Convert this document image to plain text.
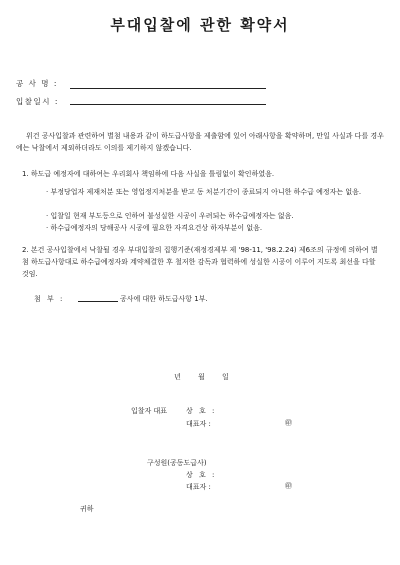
부대입찰에 관한 확약서
공 사 명 :
입찰일시 :
위건 공사입찰과 관련하여 별첨 내용과 같이 하도급사항을 제출함에 있어 아래사항을 확약하며, 만일 사실과 다를 경우에는 낙찰에서 제외하더라도 이의를 제기하지 않겠습니다.
1. 하도급 예정자에 대하여는 우리회사 책임하에 다음 사실을 틀림없이 확인하였음.
· 부정당업자 제재처분 또는 영업정지처분을 받고 동 처분기간이 종료되지 아니한 하수급 예정자는 없음.
· 입찰일 현재 부도등으로 인하여 불성실한 시공이 우려되는 하수급예정자는 없음.
· 하수급예정자의 당해공사 시공에 필요한 자격요건상 하자부분이 없음.
2. 본건 공사입찰에서 낙찰될 경우 부대입찰의 집행기준(재정경제부 제 '98-11, '98.2.24) 제6조의 규정에 의하여 별첨 하도급사항대로 하수급예정자와 계약체결한 후 철저한 감독과 협력하에 성실한 시공이 이루어 지도록 최선을 다할 것임.
첨 부 :	공사에 대한 하도급사항 1부.
년 월 일
입찰자 대표	상 호 :
대표자 :	㊞
구성원(공동도급사)
상 호 :
대표자 :	㊞
귀하
